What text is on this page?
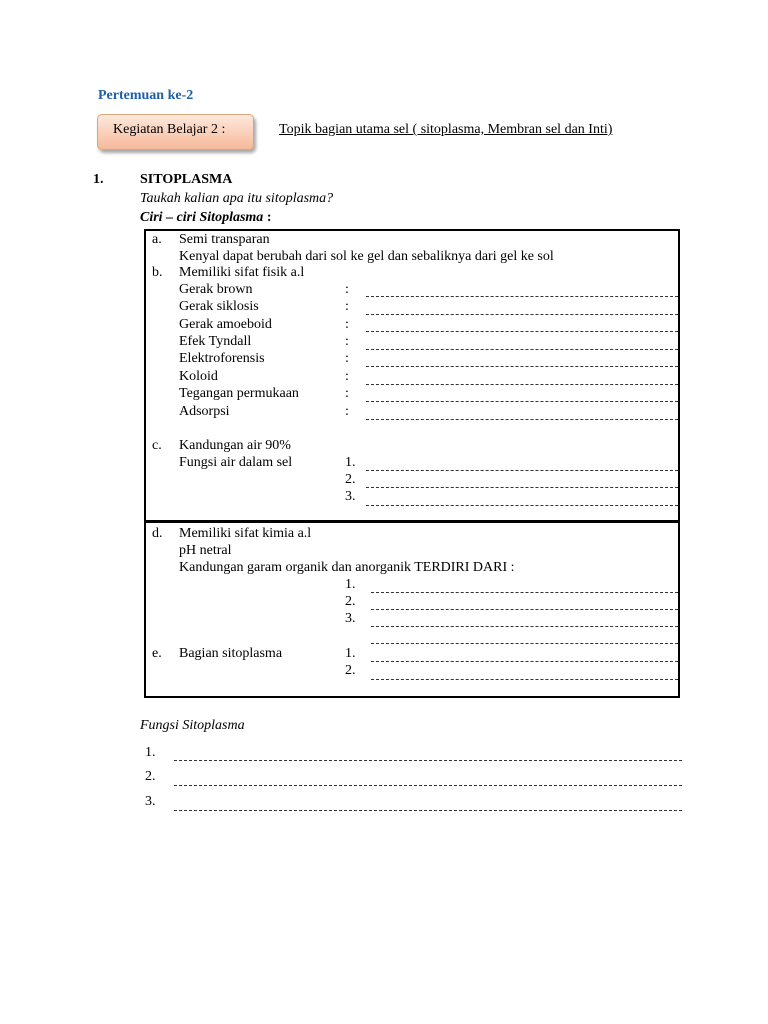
Pertemuan ke-2
Kegiatan Belajar 2 :	Topik bagian utama sel ( sitoplasma, Membran sel dan Inti)
1.	SITOPLASMA
Taukah kalian apa itu sitoplasma?
Ciri – ciri Sitoplasma :
a. Semi transparan
Kenyal dapat berubah dari sol ke gel dan sebaliknya dari gel ke sol
b. Memiliki sifat fisik a.l
Gerak brown	:
Gerak siklosis	:
Gerak amoeboid	:
Efek Tyndall	:
Elektroforensis	:
Koloid	:
Tegangan permukaan	:
Adsorpsi	:
c. Kandungan air 90%
Fungsi air dalam sel	1.
2.
3.
d. Memiliki sifat kimia a.l
pH netral
Kandungan garam organik dan anorganik TERDIRI DARI :
1.
2.
3.
e. Bagian sitoplasma	1.
2.
Fungsi Sitoplasma
1.
2.
3.
